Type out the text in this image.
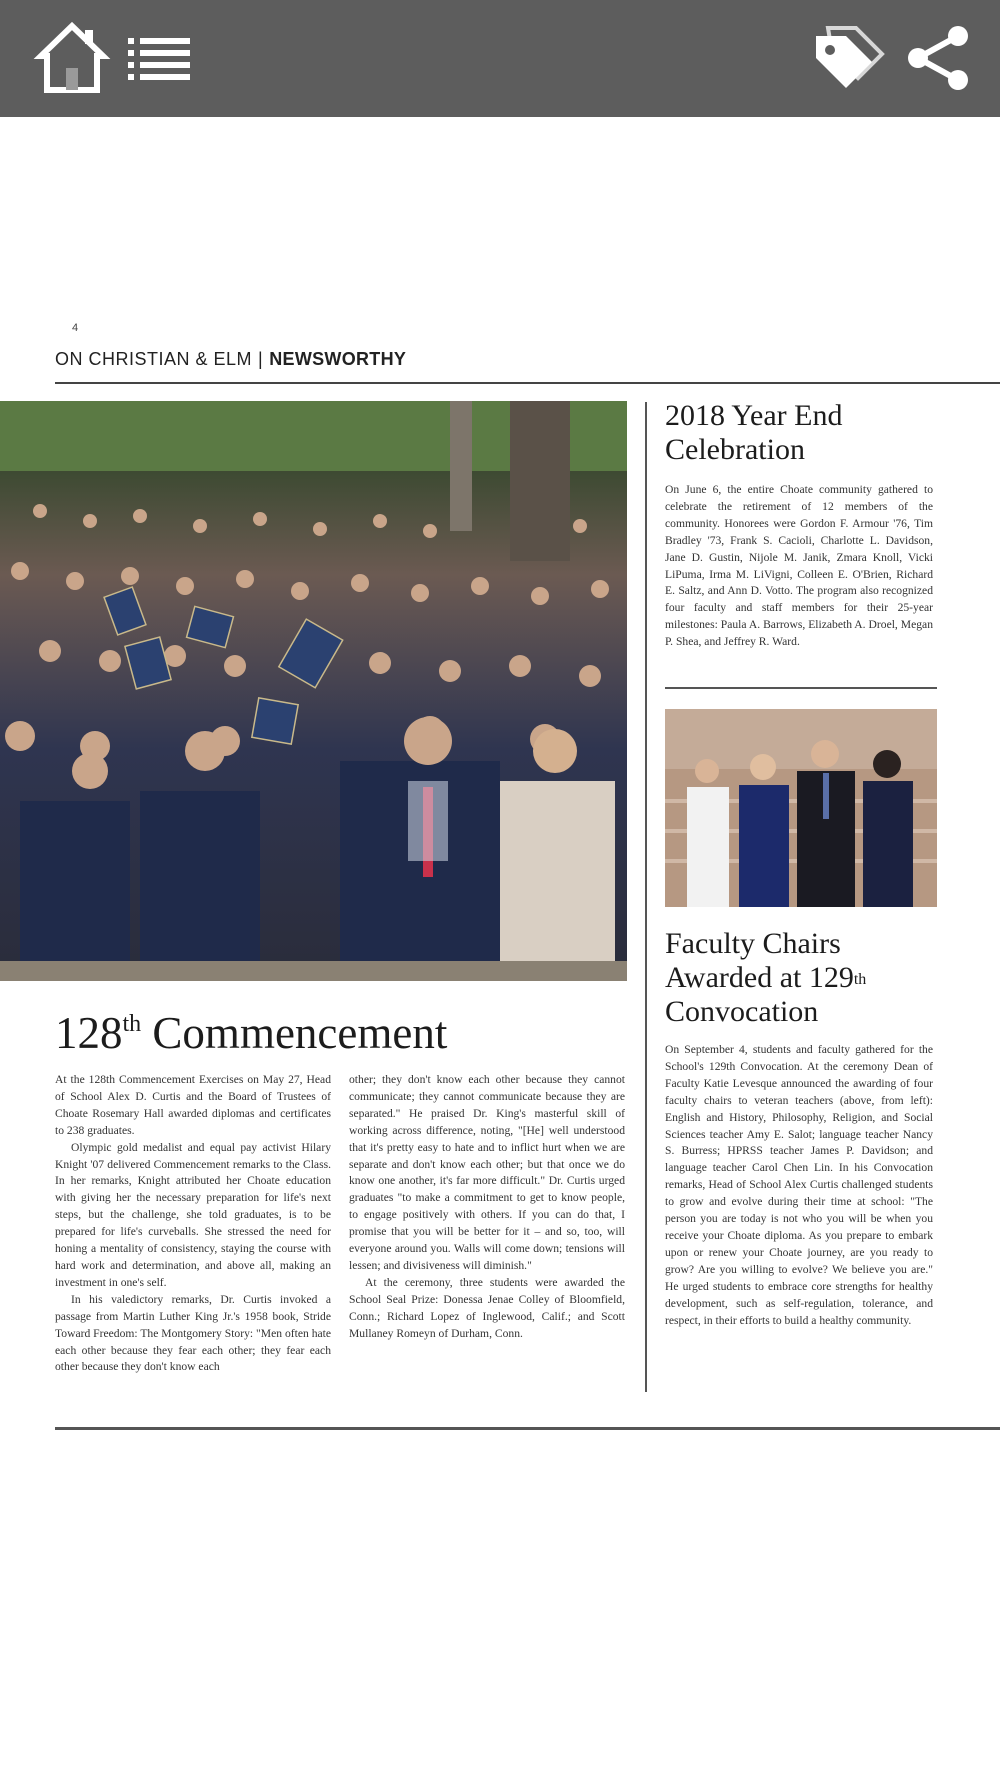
4
ON CHRISTIAN & ELM | NEWSWORTHY
128th Commencement

At the 128th Commencement Exercises on May 27, Head of School Alex D. Curtis and the Board of Trustees of Choate Rosemary Hall awarded diplomas and certificates to 238 graduates.

Olympic gold medalist and equal pay activist Hilary Knight '07 delivered Commencement remarks to the Class. In her remarks, Knight attributed her Choate education with giving her the necessary preparation for life's next steps, but the challenge, she told graduates, is to be prepared for life's curveballs. She stressed the need for honing a mentality of consistency, staying the course with hard work and determination, and above all, making an investment in one's self.

In his valedictory remarks, Dr. Curtis invoked a passage from Martin Luther King Jr.'s 1958 book, Stride Toward Freedom: The Montgomery Story: "Men often hate each other because they fear each other; they fear each other because they don't know each

other; they don't know each other because they cannot communicate; they cannot communicate because they are separated." He praised Dr. King's masterful skill of working across difference, noting, "[He] well understood that it's pretty easy to hate and to inflict hurt when we are separate and don't know each other; but that once we do know one another, it's far more difficult." Dr. Curtis urged graduates "to make a commitment to get to know people, to engage positively with others. If you can do that, I promise that you will be better for it – and so, too, will everyone around you. Walls will come down; tensions will lessen; and divisiveness will diminish."

At the ceremony, three students were awarded the School Seal Prize: Donessa Jenae Colley of Bloomfield, Conn.; Richard Lopez of Inglewood, Calif.; and Scott Mullaney Romeyn of Durham, Conn.

2018 Year End Celebration

On June 6, the entire Choate community gathered to celebrate the retirement of 12 members of the community. Honorees were Gordon F. Armour '76, Tim Bradley '73, Frank S. Cacioli, Charlotte L. Davidson, Jane D. Gustin, Nijole M. Janik, Zmara Knoll, Vicki LiPuma, Irma M. LiVigni, Colleen E. O'Brien, Richard E. Saltz, and Ann D. Votto. The program also recognized four faculty and staff members for their 25-year milestones: Paula A. Barrows, Elizabeth A. Droel, Megan P. Shea, and Jeffrey R. Ward.

Faculty Chairs
Awarded at 129th
Convocation

On September 4, students and faculty gathered for the School's 129th Convocation. At the ceremony Dean of Faculty Katie Levesque announced the awarding of four faculty chairs to veteran teachers (above, from left): English and History, Philosophy, Religion, and Social Sciences teacher Amy E. Salot; language teacher Nancy S. Burress; HPRSS teacher James P. Davidson; and language teacher Carol Chen Lin. In his Convocation remarks, Head of School Alex Curtis challenged students to grow and evolve during their time at school: "The person you are today is not who you will be when you receive your Choate diploma. As you prepare to embark upon or renew your Choate journey, are you ready to grow? Are you willing to evolve? We believe you are." He urged students to embrace core strengths for healthy development, such as self-regulation, tolerance, and respect, in their efforts to build a healthy community.
